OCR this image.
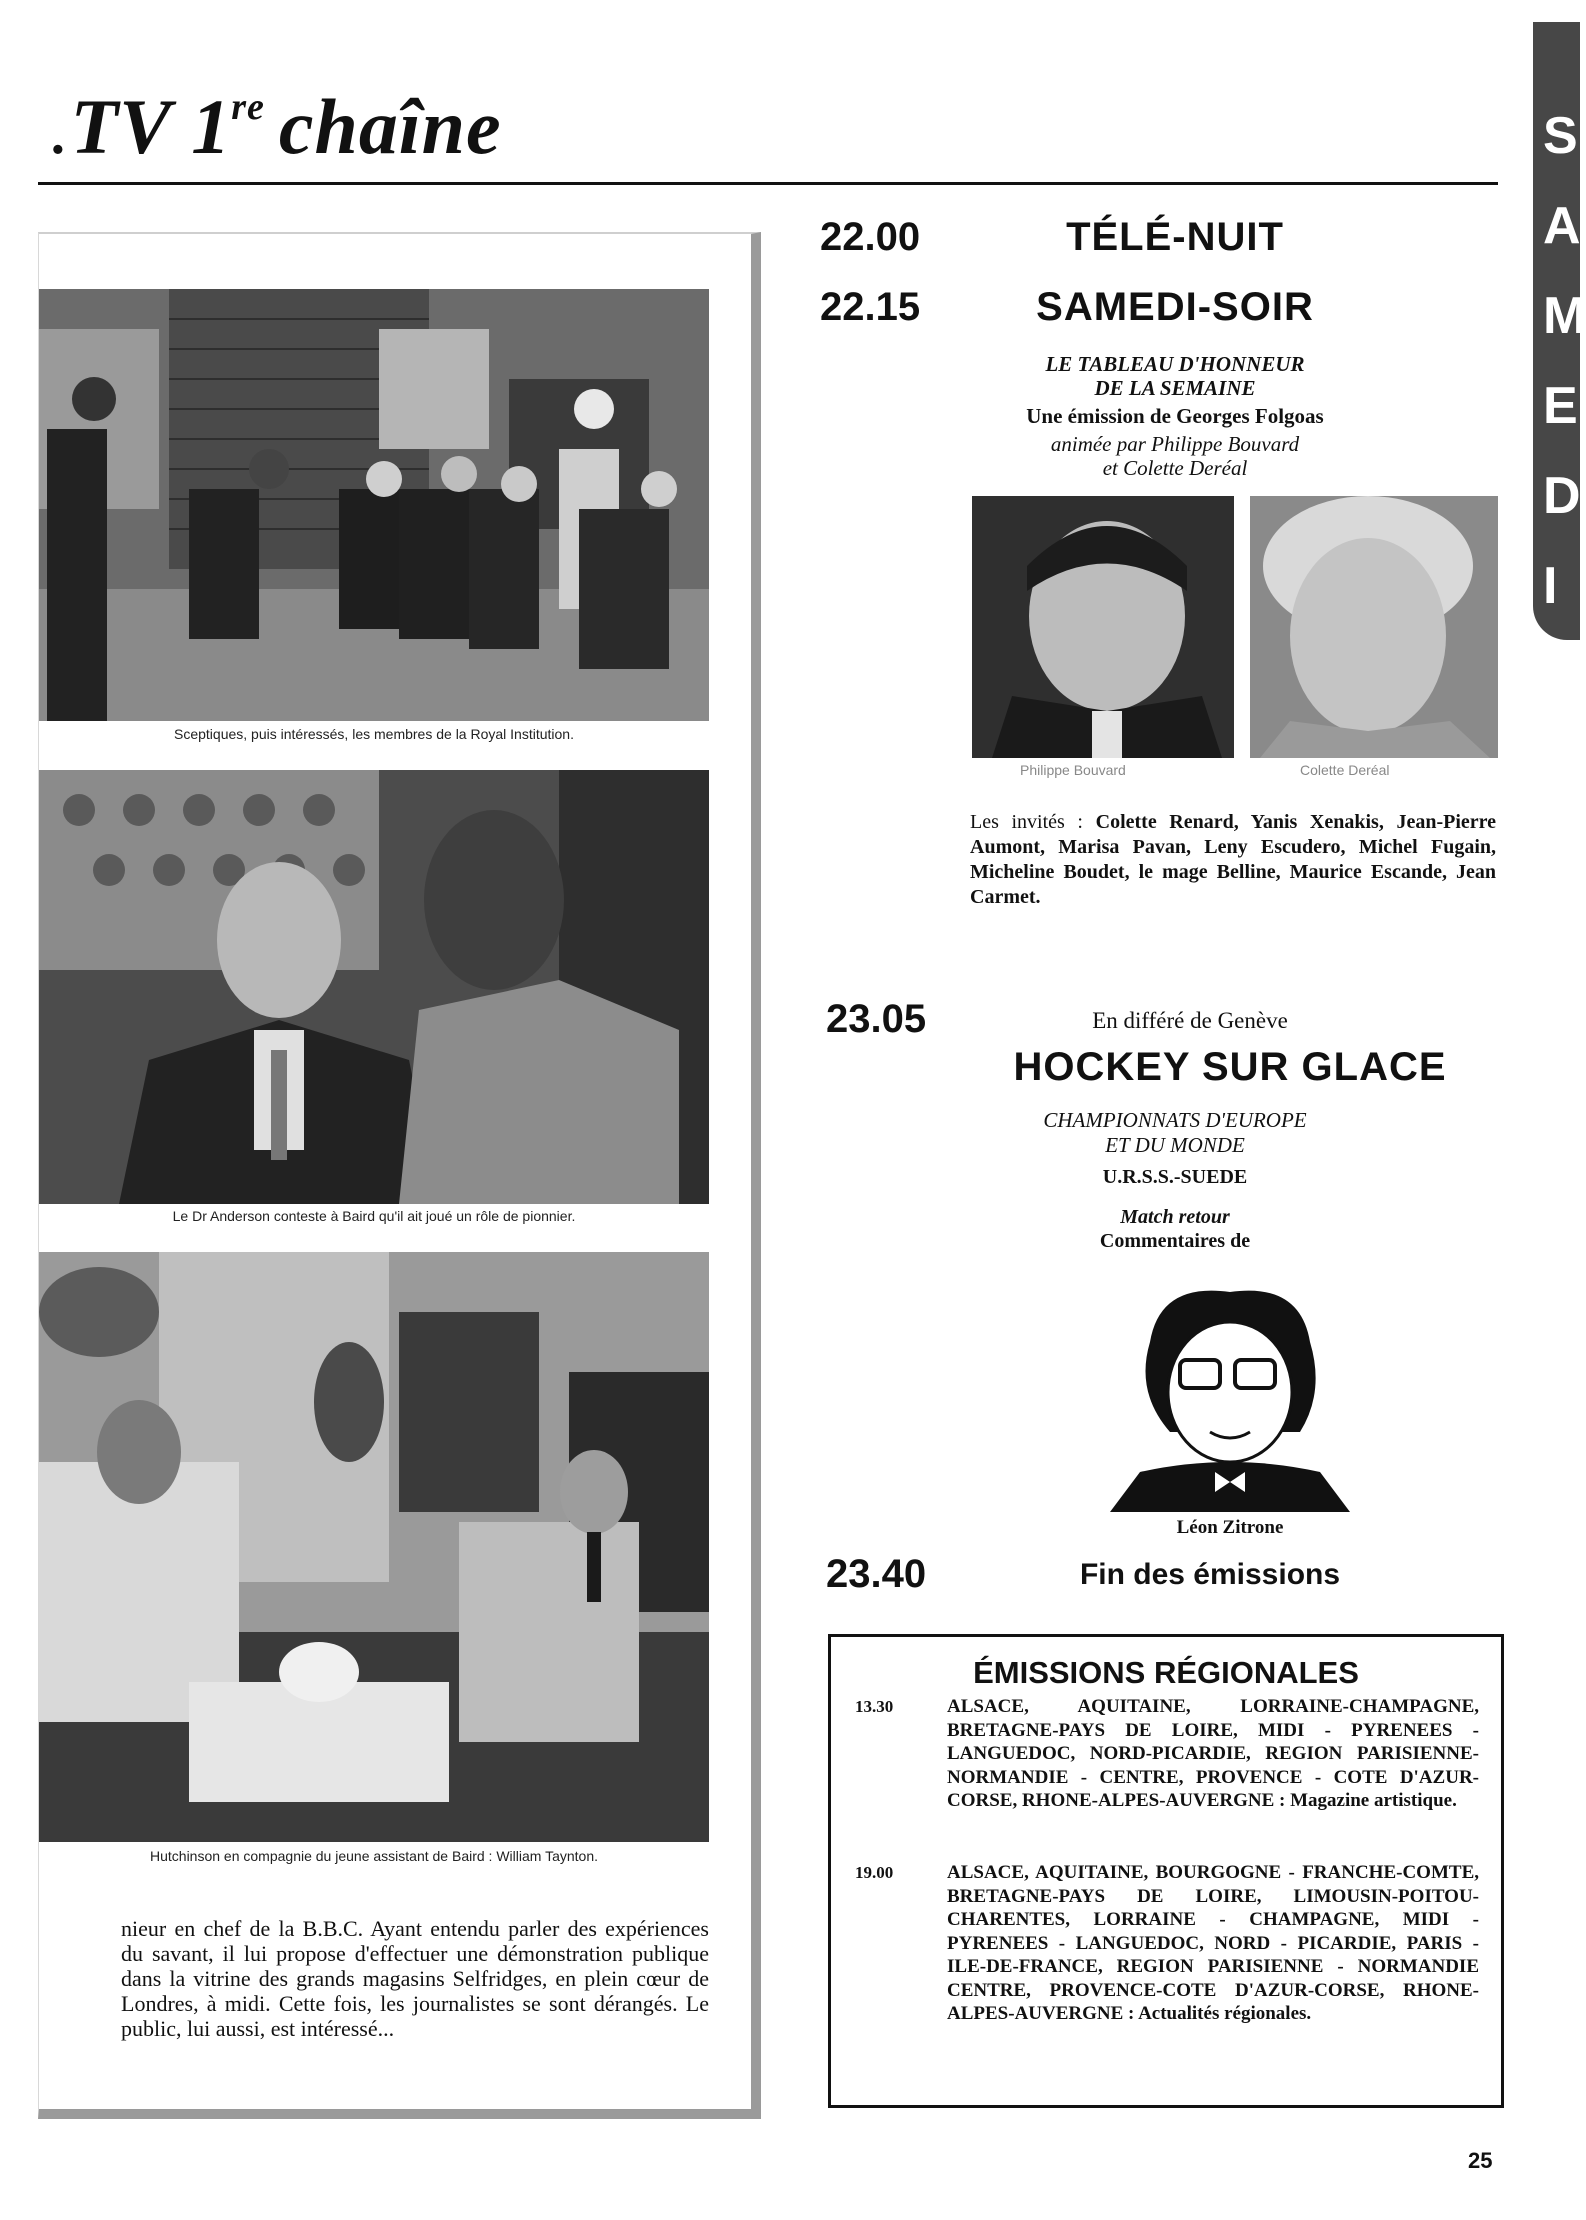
.TV 1re chaîne	S
A
M
E
D
I
Sceptiques, puis intéressés, les membres de la Royal Institution.
Le Dr Anderson conteste à Baird qu'il ait joué un rôle de pionnier.
Hutchinson en compagnie du jeune assistant de Baird : William Taynton.
nieur en chef de la B.B.C. Ayant entendu parler des expériences du savant, il lui propose d'effectuer une démonstration publique dans la vitrine des grands magasins Selfridges, en plein cœur de Londres, à midi. Cette fois, les journalistes se sont dérangés. Le public, lui aussi, est intéressé...
22.00	TÉLÉ-NUIT
22.15	SAMEDI-SOIR
LE TABLEAU D'HONNEUR
DE LA SEMAINE
Une émission de Georges Folgoas
animée par Philippe Bouvard
et Colette Deréal
Philippe Bouvard	Colette Deréal
Les invités : Colette Renard, Yanis Xenakis, Jean-Pierre Aumont, Marisa Pavan, Leny Escudero, Michel Fugain, Micheline Boudet, le mage Belline, Maurice Escande, Jean Carmet.
23.05	En différé de Genève
HOCKEY SUR GLACE
CHAMPIONNATS D'EUROPE
ET DU MONDE
U.R.S.S.-SUEDE
Match retour
Commentaires de
Léon Zitrone
23.40	Fin des émissions
ÉMISSIONS RÉGIONALES
13.30	ALSACE, AQUITAINE, LORRAINE-CHAMPAGNE, BRETAGNE-PAYS DE LOIRE, MIDI - PYRENEES - LANGUEDOC, NORD-PICARDIE, REGION PARISIENNE-NORMANDIE - CENTRE, PROVENCE - COTE D'AZUR-CORSE, RHONE-ALPES-AUVERGNE : Magazine artistique.
19.00	ALSACE, AQUITAINE, BOURGOGNE - FRANCHE-COMTE, BRETAGNE-PAYS DE LOIRE, LIMOUSIN-POITOU-CHARENTES, LORRAINE - CHAMPAGNE, MIDI - PYRENEES - LANGUEDOC, NORD - PICARDIE, PARIS - ILE-DE-FRANCE, REGION PARISIENNE - NORMANDIE CENTRE, PROVENCE-COTE D'AZUR-CORSE, RHONE-ALPES-AUVERGNE : Actualités régionales.
25
